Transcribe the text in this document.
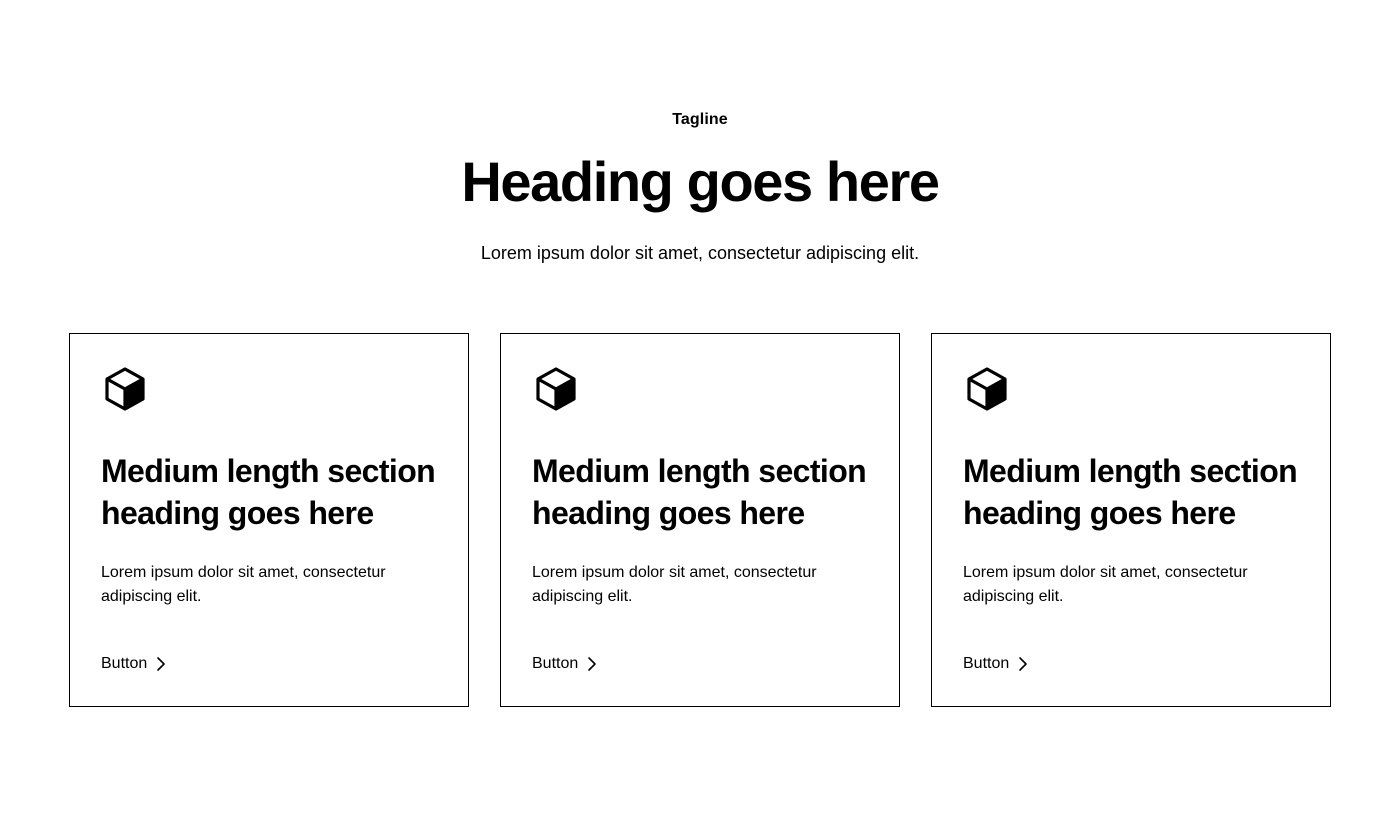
Tagline
Heading goes here

Lorem ipsum dolor sit amet, consectetur adipiscing elit.

Medium length section heading goes here

Lorem ipsum dolor sit amet, consectetur adipiscing elit.

Button
Medium length section heading goes here

Lorem ipsum dolor sit amet, consectetur adipiscing elit.

Button
Medium length section heading goes here

Lorem ipsum dolor sit amet, consectetur adipiscing elit.

Button
